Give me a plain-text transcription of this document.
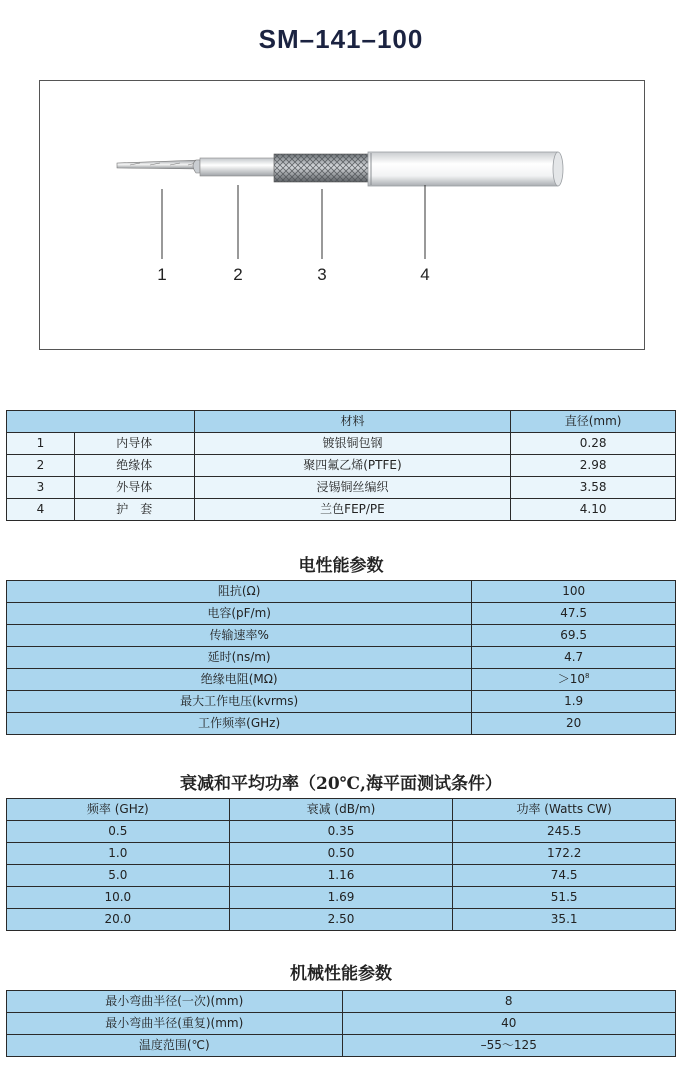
SM–141–100
1	2	3	4
		材料	直径(mm)
1	内导体	镀银铜包钢	0.28
2	绝缘体	聚四氟乙烯(PTFE)	2.98
3	外导体	浸锡铜丝编织	3.58
4	护　套	兰色FEP/PE	4.10
电性能参数
阻抗(Ω)	100
电容(pF/m)	47.5
传输速率%	69.5
延时(ns/m)	4.7
绝缘电阻(MΩ)	$>10^8$
最大工作电压(kvrms)	1.9
工作频率(GHz)	20
衰减和平均功率（20℃,海平面测试条件）
频率 (GHz)	衰减 (dB/m)	功率 (Watts CW)
0.5	0.35	245.5
1.0	0.50	172.2
5.0	1.16	74.5
10.0	1.69	51.5
20.0	2.50	35.1
机械性能参数
最小弯曲半径(一次)(mm)	8
最小弯曲半径(重复)(mm)	40
温度范围(℃)	–55～125
